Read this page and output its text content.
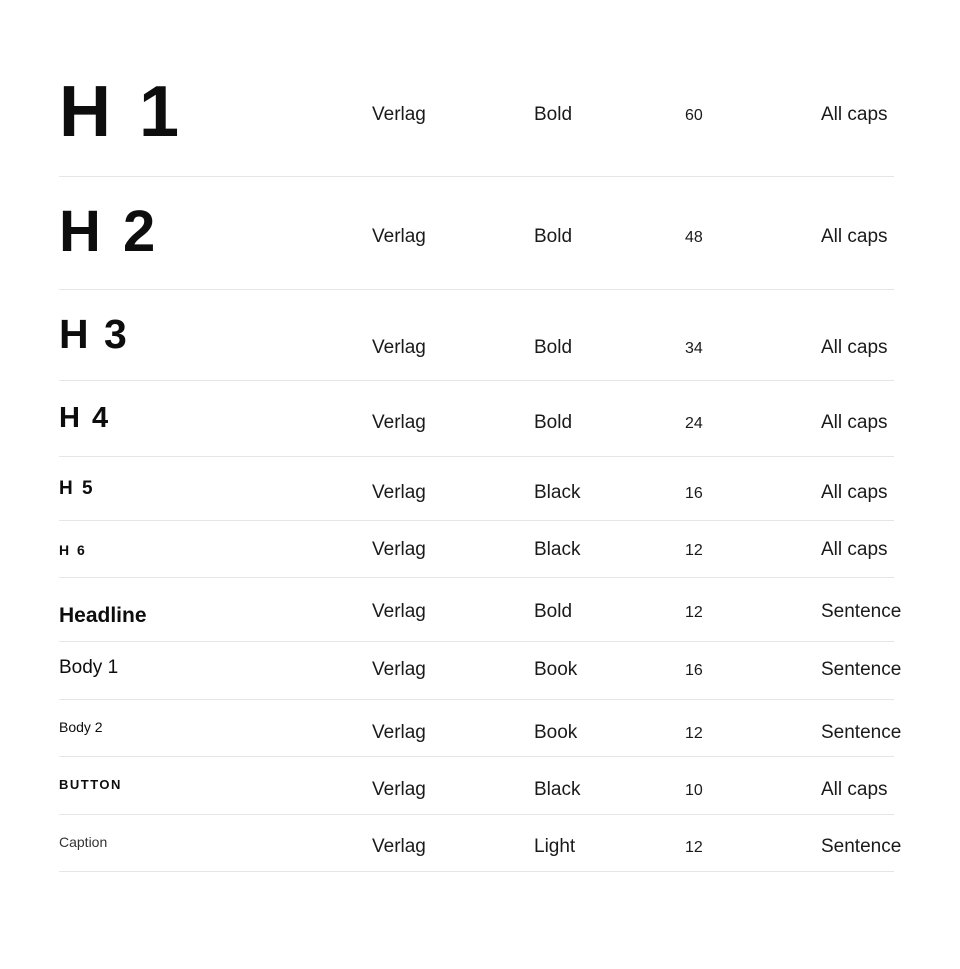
H 1	Verlag	Bold	60	All caps
H 2	Verlag	Bold	48	All caps
H 3	Verlag	Bold	34	All caps
H 4	Verlag	Bold	24	All caps
H 5	Verlag	Black	16	All caps
H 6	Verlag	Black	12	All caps
Headline	Verlag	Bold	12	Sentence
Body 1	Verlag	Book	16	Sentence
Body 2	Verlag	Book	12	Sentence
BUTTON	Verlag	Black	10	All caps
Caption	Verlag	Light	12	Sentence
